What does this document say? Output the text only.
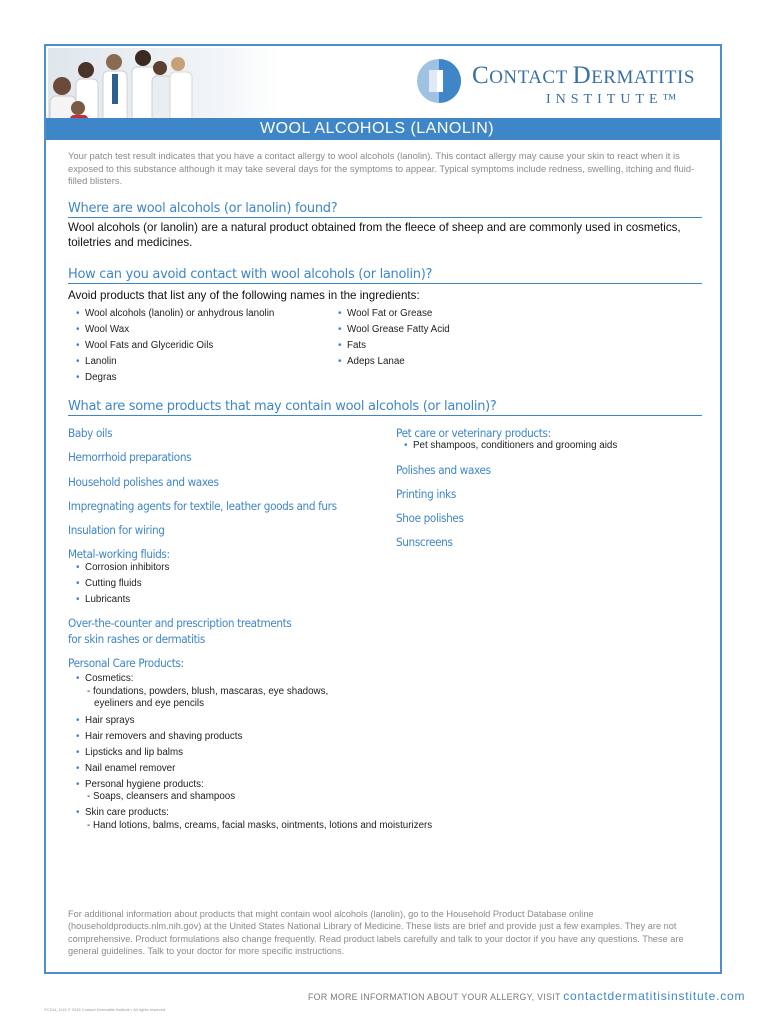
CONTACT DERMATITIS
INSTITUTE™
WOOL ALCOHOLS (LANOLIN)
Your patch test result indicates that you have a contact allergy to wool alcohols (lanolin). This contact allergy may cause your skin to react when it is exposed to this substance although it may take several days for the symptoms to appear. Typical symptoms include redness, swelling, itching and fluid-filled blisters.
Where are wool alcohols (or lanolin) found?
Wool alcohols (or lanolin) are a natural product obtained from the fleece of sheep and are commonly used in cosmetics, toiletries and medicines.
How can you avoid contact with wool alcohols (or lanolin)?
Avoid products that list any of the following names in the ingredients:
• Wool alcohols (lanolin) or anhydrous lanolin
• Wool Wax
• Wool Fats and Glyceridic Oils
• Lanolin
• Degras
• Wool Fat or Grease
• Wool Grease Fatty Acid
• Fats
• Adeps Lanae
What are some products that may contain wool alcohols (or lanolin)?
Baby oils
Hemorrhoid preparations
Household polishes and waxes
Impregnating agents for textile, leather goods and furs
Insulation for wiring
Metal-working fluids:
• Corrosion inhibitors
• Cutting fluids
• Lubricants
Over-the-counter and prescription treatments
for skin rashes or dermatitis
Personal Care Products:
• Cosmetics:
- foundations, powders, blush, mascaras, eye shadows,
eyeliners and eye pencils
• Hair sprays
• Hair removers and shaving products
• Lipsticks and lip balms
• Nail enamel remover
• Personal hygiene products:
- Soaps, cleansers and shampoos
• Skin care products:
- Hand lotions, balms, creams, facial masks, ointments, lotions and moisturizers
Pet care or veterinary products:
• Pet shampoos, conditioners and grooming aids
Polishes and waxes
Printing inks
Shoe polishes
Sunscreens
For additional information about products that might contain wool alcohols (lanolin), go to the Household Product Database online (householdproducts.nlm.nih.gov) at the United States National Library of Medicine. These lists are brief and provide just a few examples. They are not comprehensive. Product formulations also change frequently. Read product labels carefully and talk to your doctor if you have any questions. These are general guidelines. Talk to your doctor for more specific instructions.
FOR MORE INFORMATION ABOUT YOUR ALLERGY, VISIT contactdermatitisinstitute.com
©CDI4_1115 © 2015 Contact Dermatitis Institute • All rights reserved.
